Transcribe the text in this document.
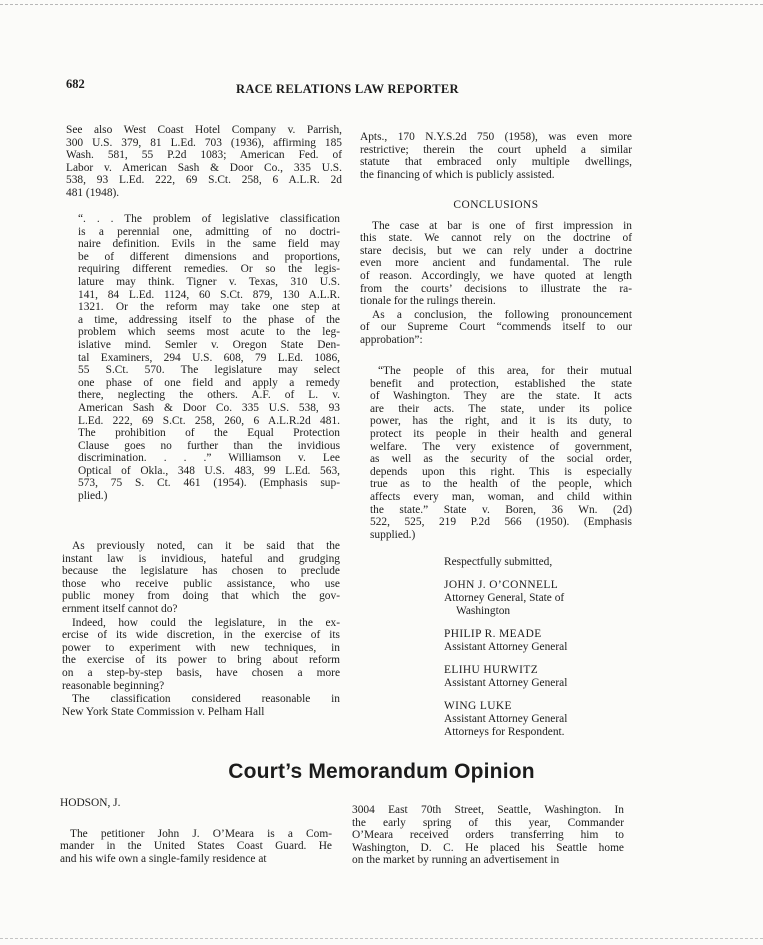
682	RACE RELATIONS LAW REPORTER
See also West Coast Hotel Company v. Parrish,
300 U.S. 379, 81 L.Ed. 703 (1936), affirming 185
Wash. 581, 55 P.2d 1083; American Fed. of
Labor v. American Sash & Door Co., 335 U.S.
538, 93 L.Ed. 222, 69 S.Ct. 258, 6 A.L.R. 2d
481 (1948).
“. . . The problem of legislative classification
is a perennial one, admitting of no doctri-
naire definition. Evils in the same field may
be of different dimensions and proportions,
requiring different remedies. Or so the legis-
lature may think. Tigner v. Texas, 310 U.S.
141, 84 L.Ed. 1124, 60 S.Ct. 879, 130 A.L.R.
1321. Or the reform may take one step at
a time, addressing itself to the phase of the
problem which seems most acute to the leg-
islative mind. Semler v. Oregon State Den-
tal Examiners, 294 U.S. 608, 79 L.Ed. 1086,
55 S.Ct. 570. The legislature may select
one phase of one field and apply a remedy
there, neglecting the others. A.F. of L. v.
American Sash & Door Co. 335 U.S. 538, 93
L.Ed. 222, 69 S.Ct. 258, 260, 6 A.L.R.2d 481.
The prohibition of the Equal Protection
Clause goes no further than the invidious
discrimination. . . .” Williamson v. Lee
Optical of Okla., 348 U.S. 483, 99 L.Ed. 563,
573, 75 S. Ct. 461 (1954). (Emphasis sup-
plied.)
As previously noted, can it be said that the
instant law is invidious, hateful and grudging
because the legislature has chosen to preclude
those who receive public assistance, who use
public money from doing that which the gov-
ernment itself cannot do?
Indeed, how could the legislature, in the ex-
ercise of its wide discretion, in the exercise of its
power to experiment with new techniques, in
the exercise of its power to bring about reform
on a step-by-step basis, have chosen a more
reasonable beginning?
The classification considered reasonable in
New York State Commission v. Pelham Hall
Apts., 170 N.Y.S.2d 750 (1958), was even more
restrictive; therein the court upheld a similar
statute that embraced only multiple dwellings,
the financing of which is publicly assisted.

CONCLUSIONS

The case at bar is one of first impression in
this state. We cannot rely on the doctrine of
stare decisis, but we can rely under a doctrine
even more ancient and fundamental. The rule
of reason. Accordingly, we have quoted at length
from the courts’ decisions to illustrate the ra-
tionale for the rulings therein.
As a conclusion, the following pronouncement
of our Supreme Court “commends itself to our
approbation”:
“The people of this area, for their mutual
benefit and protection, established the state
of Washington. They are the state. It acts
are their acts. The state, under its police
power, has the right, and it is its duty, to
protect its people in their health and general
welfare. The very existence of government,
as well as the security of the social order,
depends upon this right. This is especially
true as to the health of the people, which
affects every man, woman, and child within
the state.” State v. Boren, 36 Wn. (2d)
522, 525, 219 P.2d 566 (1950). (Emphasis
supplied.)
Respectfully submitted,
JOHN J. O’CONNELL
Attorney General, State of
Washington
PHILIP R. MEADE
Assistant Attorney General
ELIHU HURWITZ
Assistant Attorney General
WING LUKE
Assistant Attorney General
Attorneys for Respondent.
Court’s Memorandum Opinion

HODSON, J.

The petitioner John J. O’Meara is a Com-
mander in the United States Coast Guard. He
and his wife own a single-family residence at
3004 East 70th Street, Seattle, Washington. In
the early spring of this year, Commander
O’Meara received orders transferring him to
Washington, D. C. He placed his Seattle home
on the market by running an advertisement in
